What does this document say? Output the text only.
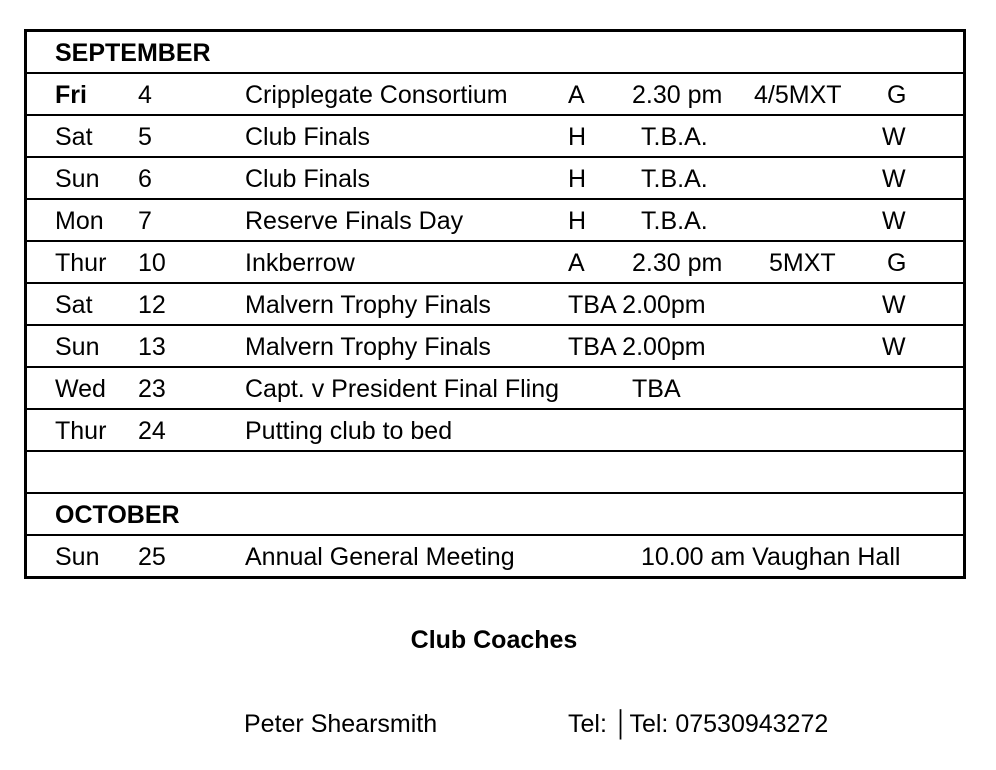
SEPTEMBER
Fri 4	Cripplegate Consortium A 2.30 pm 4/5MXT G
Sat 5	Club Finals	H T.B.A.	W
Sun 6	Club Finals	H T.B.A.	W
Mon 7	Reserve Finals Day	H T.B.A.	W
Thur 10	Inkberrow	A 2.30 pm 5MXT G
Sat 12	Malvern Trophy Finals	TBA 2.00pm	W
Sun 13	Malvern Trophy Finals	TBA 2.00pm	W
Wed 23	Capt. v President Final Fling	TBA
Thur 24	Putting club to bed
OCTOBER
Sun 25	Annual General Meeting	10.00 am Vaughan Hall
Club Coaches
Peter Shearsmith	Tel: │Tel: 07530943272
